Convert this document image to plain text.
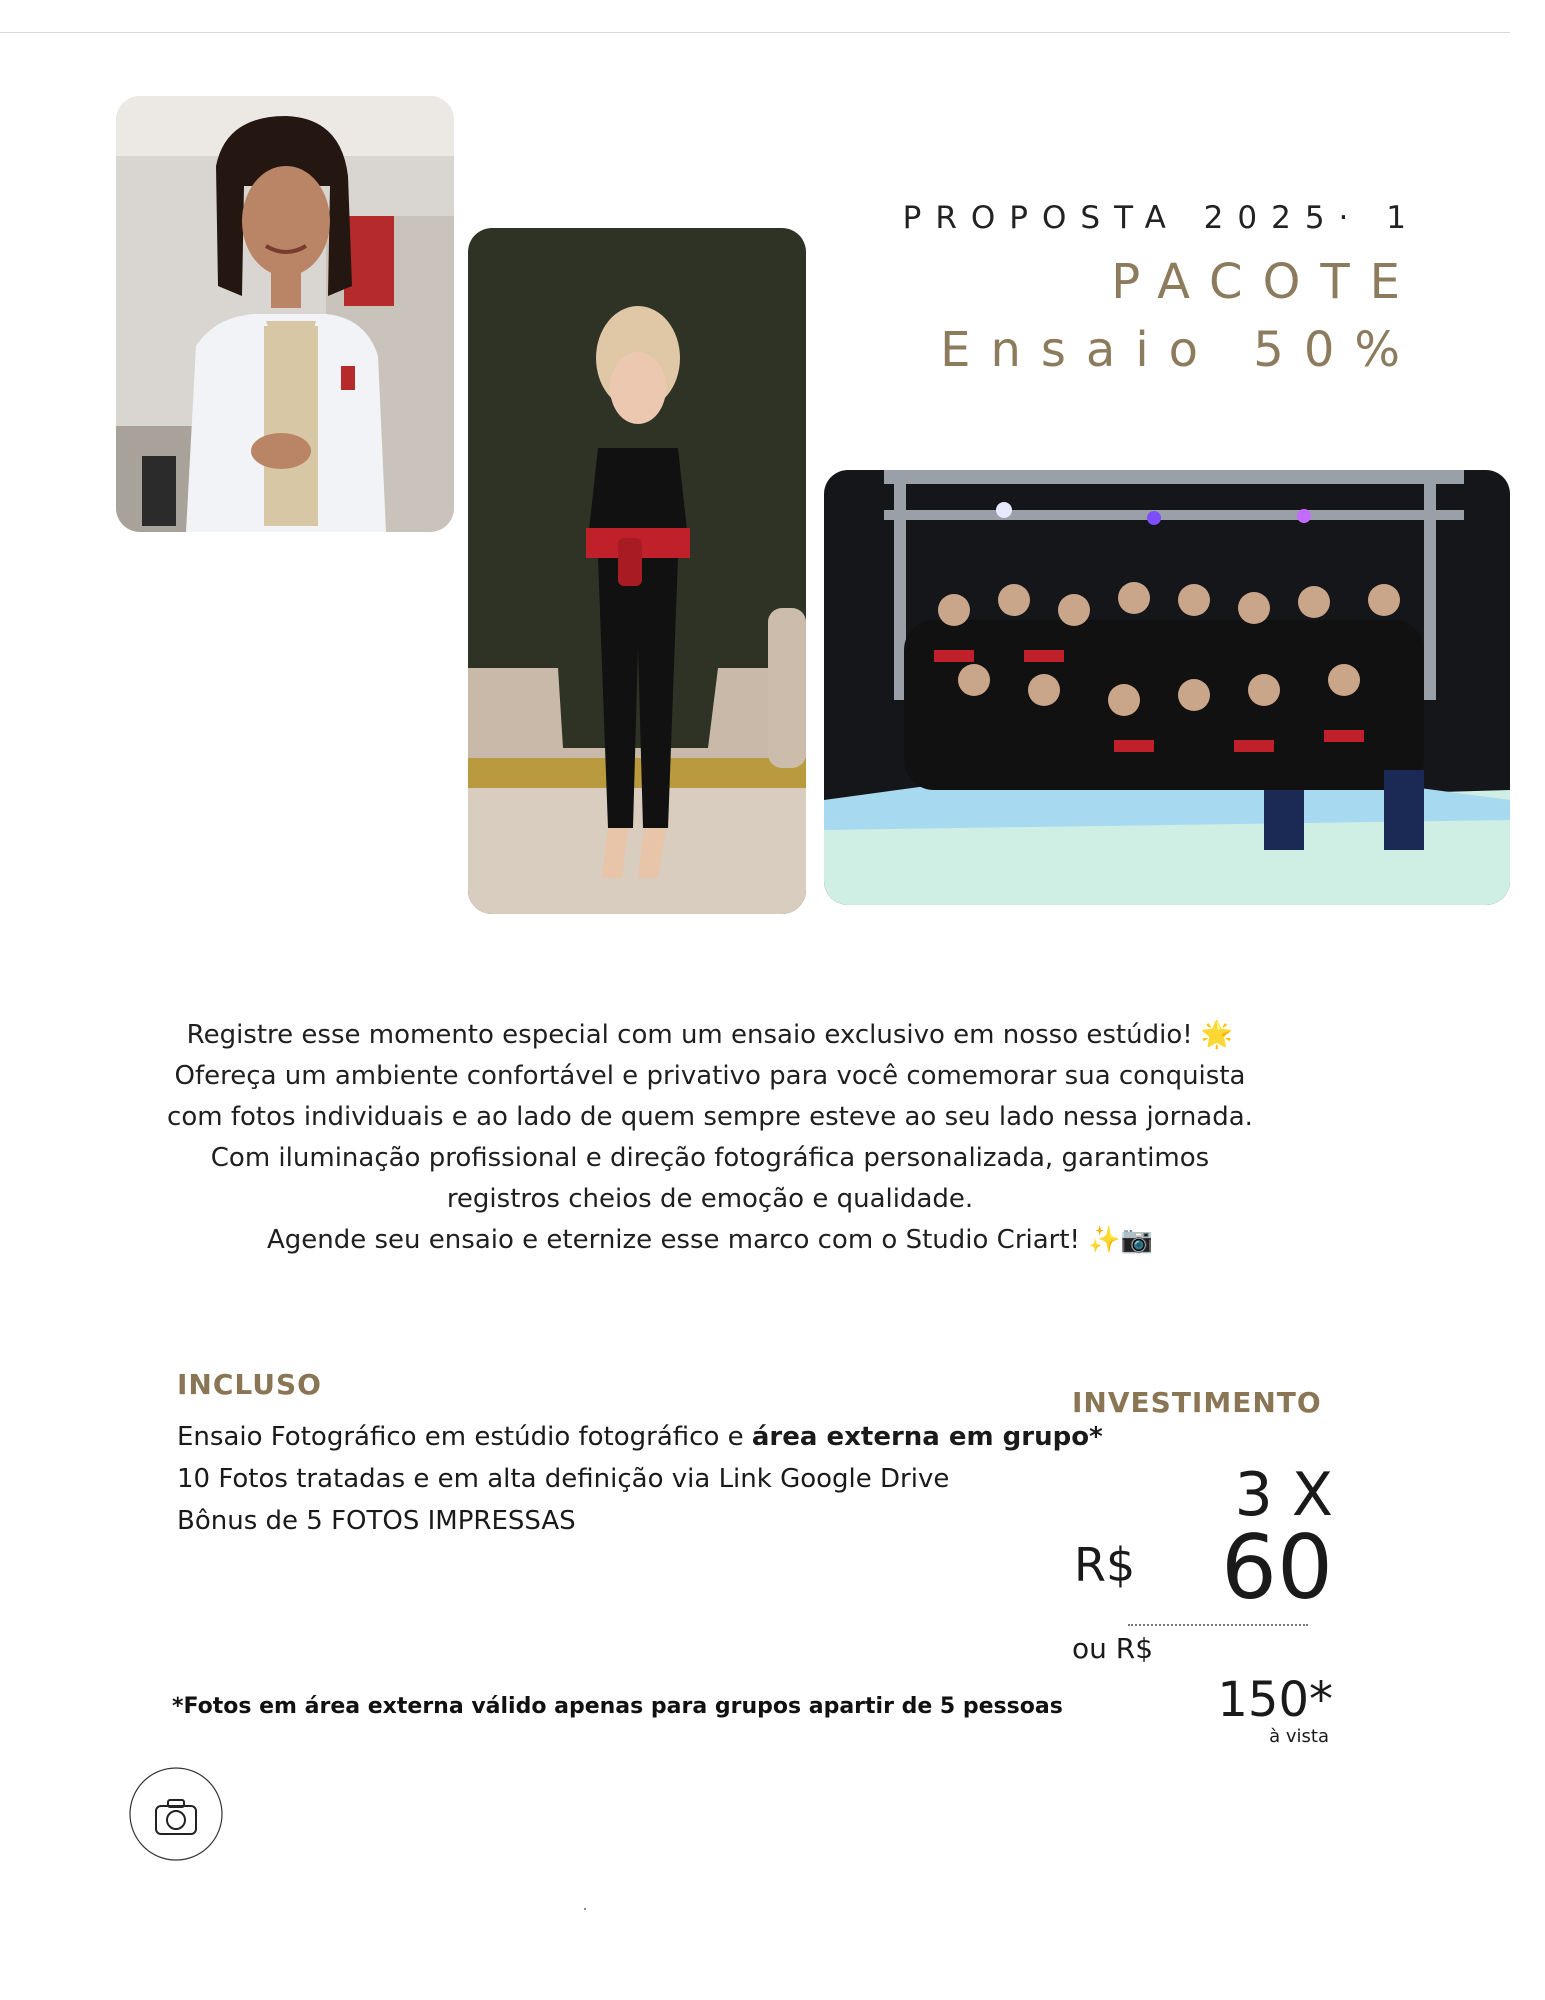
PROPOSTA 2025· 1
PACOTE
Ensaio 50%

Registre esse momento especial com um ensaio exclusivo em nosso estúdio! 🌟

Ofereça um ambiente confortável e privativo para você comemorar sua conquista

com fotos individuais e ao lado de quem sempre esteve ao seu lado nessa jornada.

Com iluminação profissional e direção fotográfica personalizada, garantimos

registros cheios de emoção e qualidade.

Agende seu ensaio e eternize esse marco com o Studio Criart! ✨📷

INCLUSO
Ensaio Fotográfico em estúdio fotográfico e área externa em grupo*
10 Fotos tratadas e em alta definição via Link Google Drive
Bônus de 5 FOTOS IMPRESSAS

*Fotos em área externa válido apenas para grupos apartir de 5 pessoas

INVESTIMENTO

3 X

R$ 60

ou R$

150*

à vista
